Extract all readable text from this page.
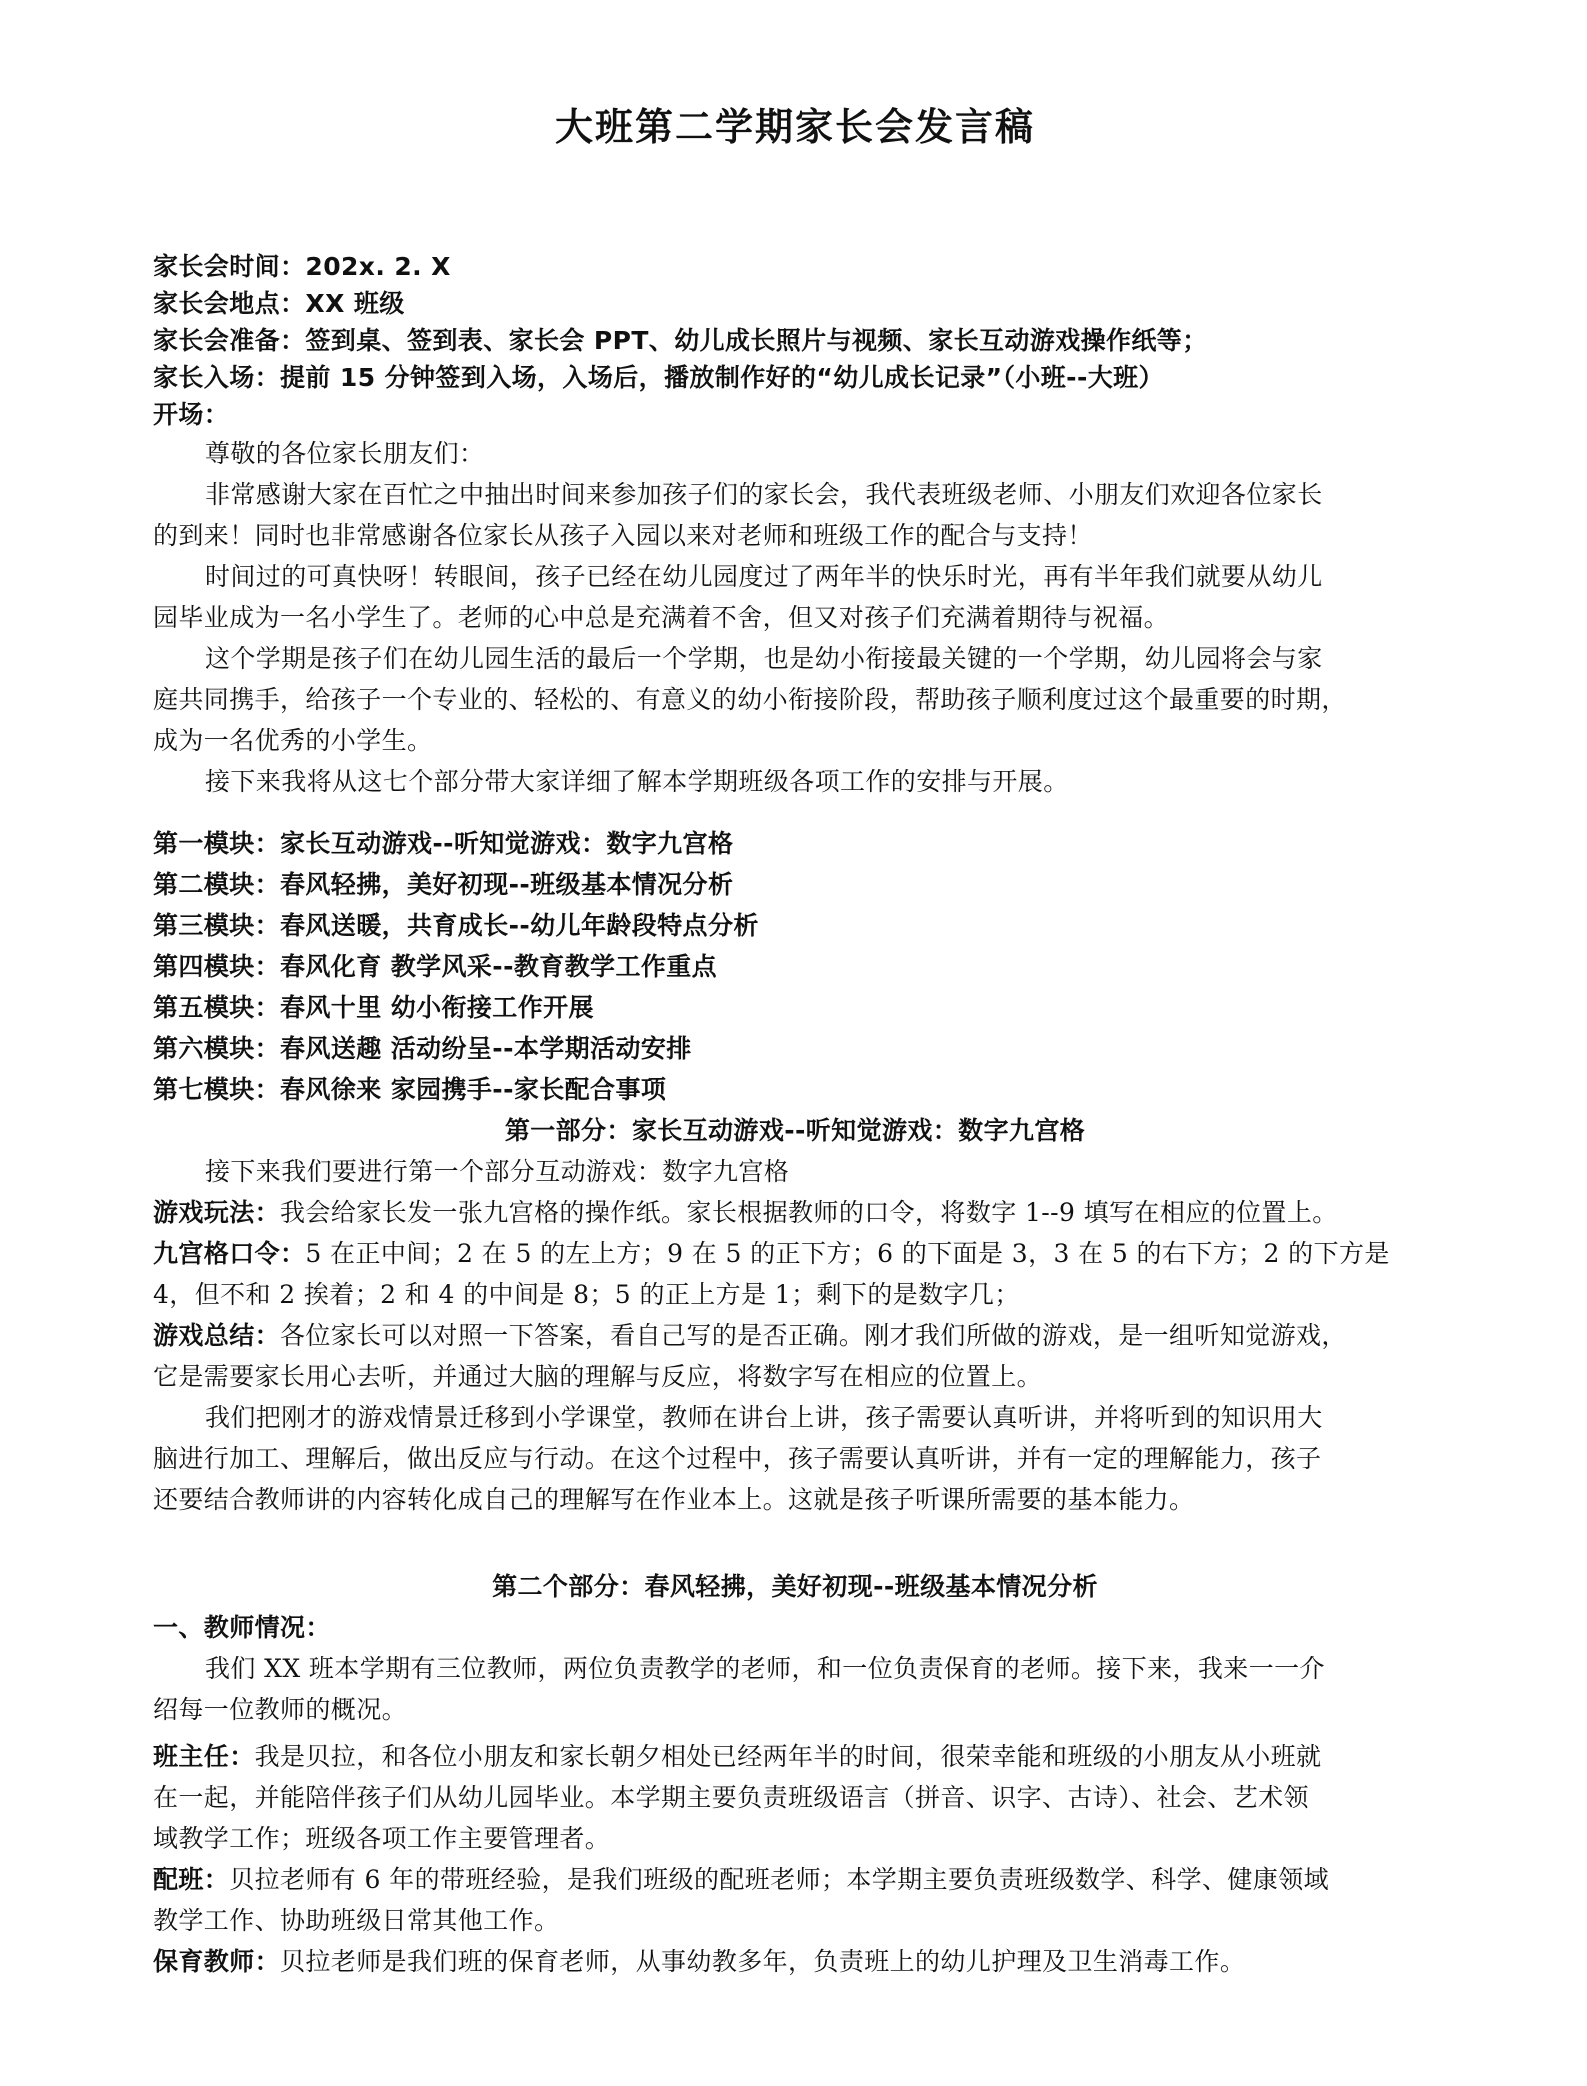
大班第二学期家长会发言稿
家长会时间：202x. 2. X
家长会地点：XX 班级
家长会准备：签到桌、签到表、家长会 PPT、幼儿成长照片与视频、家长互动游戏操作纸等；
家长入场：提前 15 分钟签到入场，入场后，播放制作好的“幼儿成长记录”（小班--大班）
开场：
尊敬的各位家长朋友们：
非常感谢大家在百忙之中抽出时间来参加孩子们的家长会，我代表班级老师、小朋友们欢迎各位家长
的到来！同时也非常感谢各位家长从孩子入园以来对老师和班级工作的配合与支持！
时间过的可真快呀！转眼间，孩子已经在幼儿园度过了两年半的快乐时光，再有半年我们就要从幼儿
园毕业成为一名小学生了。老师的心中总是充满着不舍，但又对孩子们充满着期待与祝福。
这个学期是孩子们在幼儿园生活的最后一个学期，也是幼小衔接最关键的一个学期，幼儿园将会与家
庭共同携手，给孩子一个专业的、轻松的、有意义的幼小衔接阶段，帮助孩子顺利度过这个最重要的时期，
成为一名优秀的小学生。
接下来我将从这七个部分带大家详细了解本学期班级各项工作的安排与开展。
第一模块：家长互动游戏--听知觉游戏：数字九宫格
第二模块：春风轻拂，美好初现--班级基本情况分析
第三模块：春风送暖，共育成长--幼儿年龄段特点分析
第四模块：春风化育 教学风采--教育教学工作重点
第五模块：春风十里 幼小衔接工作开展
第六模块：春风送趣 活动纷呈--本学期活动安排
第七模块：春风徐来 家园携手--家长配合事项
第一部分：家长互动游戏--听知觉游戏：数字九宫格
接下来我们要进行第一个部分互动游戏：数字九宫格
游戏玩法：我会给家长发一张九宫格的操作纸。家长根据教师的口令，将数字 1--9 填写在相应的位置上。
九宫格口令：5 在正中间；2 在 5 的左上方；9 在 5 的正下方；6 的下面是 3，3 在 5 的右下方；2 的下方是
4，但不和 2 挨着；2 和 4 的中间是 8；5 的正上方是 1；剩下的是数字几；
游戏总结：各位家长可以对照一下答案，看自己写的是否正确。刚才我们所做的游戏，是一组听知觉游戏，
它是需要家长用心去听，并通过大脑的理解与反应，将数字写在相应的位置上。
我们把刚才的游戏情景迁移到小学课堂，教师在讲台上讲，孩子需要认真听讲，并将听到的知识用大
脑进行加工、理解后，做出反应与行动。在这个过程中，孩子需要认真听讲，并有一定的理解能力，孩子
还要结合教师讲的内容转化成自己的理解写在作业本上。这就是孩子听课所需要的基本能力。
第二个部分：春风轻拂，美好初现--班级基本情况分析
一、教师情况：
我们 XX 班本学期有三位教师，两位负责教学的老师，和一位负责保育的老师。接下来，我来一一介
绍每一位教师的概况。
班主任：我是贝拉，和各位小朋友和家长朝夕相处已经两年半的时间，很荣幸能和班级的小朋友从小班就
在一起，并能陪伴孩子们从幼儿园毕业。本学期主要负责班级语言（拼音、识字、古诗）、社会、艺术领
域教学工作；班级各项工作主要管理者。
配班：贝拉老师有 6 年的带班经验，是我们班级的配班老师；本学期主要负责班级数学、科学、健康领域
教学工作、协助班级日常其他工作。
保育教师：贝拉老师是我们班的保育老师，从事幼教多年，负责班上的幼儿护理及卫生消毒工作。
